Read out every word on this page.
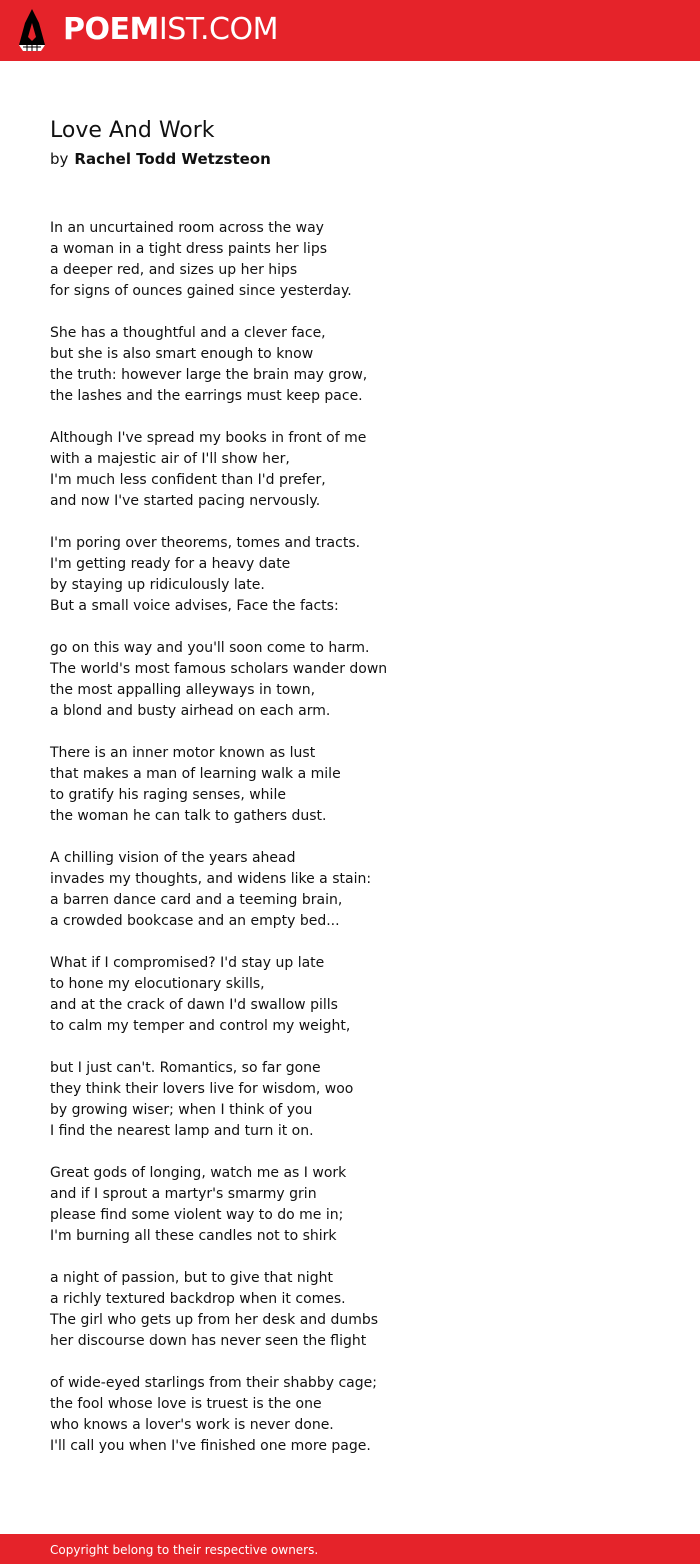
POEMIST.COM
Love And Work
by Rachel Todd Wetzsteon
In an uncurtained room across the way
a woman in a tight dress paints her lips
a deeper red, and sizes up her hips
for signs of ounces gained since yesterday.
She has a thoughtful and a clever face,
but she is also smart enough to know
the truth: however large the brain may grow,
the lashes and the earrings must keep pace.
Although I've spread my books in front of me
with a majestic air of I'll show her,
I'm much less confident than I'd prefer,
and now I've started pacing nervously.
I'm poring over theorems, tomes and tracts.
I'm getting ready for a heavy date
by staying up ridiculously late.
But a small voice advises, Face the facts:
go on this way and you'll soon come to harm.
The world's most famous scholars wander down
the most appalling alleyways in town,
a blond and busty airhead on each arm.
There is an inner motor known as lust
that makes a man of learning walk a mile
to gratify his raging senses, while
the woman he can talk to gathers dust.
A chilling vision of the years ahead
invades my thoughts, and widens like a stain:
a barren dance card and a teeming brain,
a crowded bookcase and an empty bed...
What if I compromised? I'd stay up late
to hone my elocutionary skills,
and at the crack of dawn I'd swallow pills
to calm my temper and control my weight,
but I just can't. Romantics, so far gone
they think their lovers live for wisdom, woo
by growing wiser; when I think of you
I find the nearest lamp and turn it on.
Great gods of longing, watch me as I work
and if I sprout a martyr's smarmy grin
please find some violent way to do me in;
I'm burning all these candles not to shirk
a night of passion, but to give that night
a richly textured backdrop when it comes.
The girl who gets up from her desk and dumbs
her discourse down has never seen the flight
of wide-eyed starlings from their shabby cage;
the fool whose love is truest is the one
who knows a lover's work is never done.
I'll call you when I've finished one more page.
Copyright belong to their respective owners.
